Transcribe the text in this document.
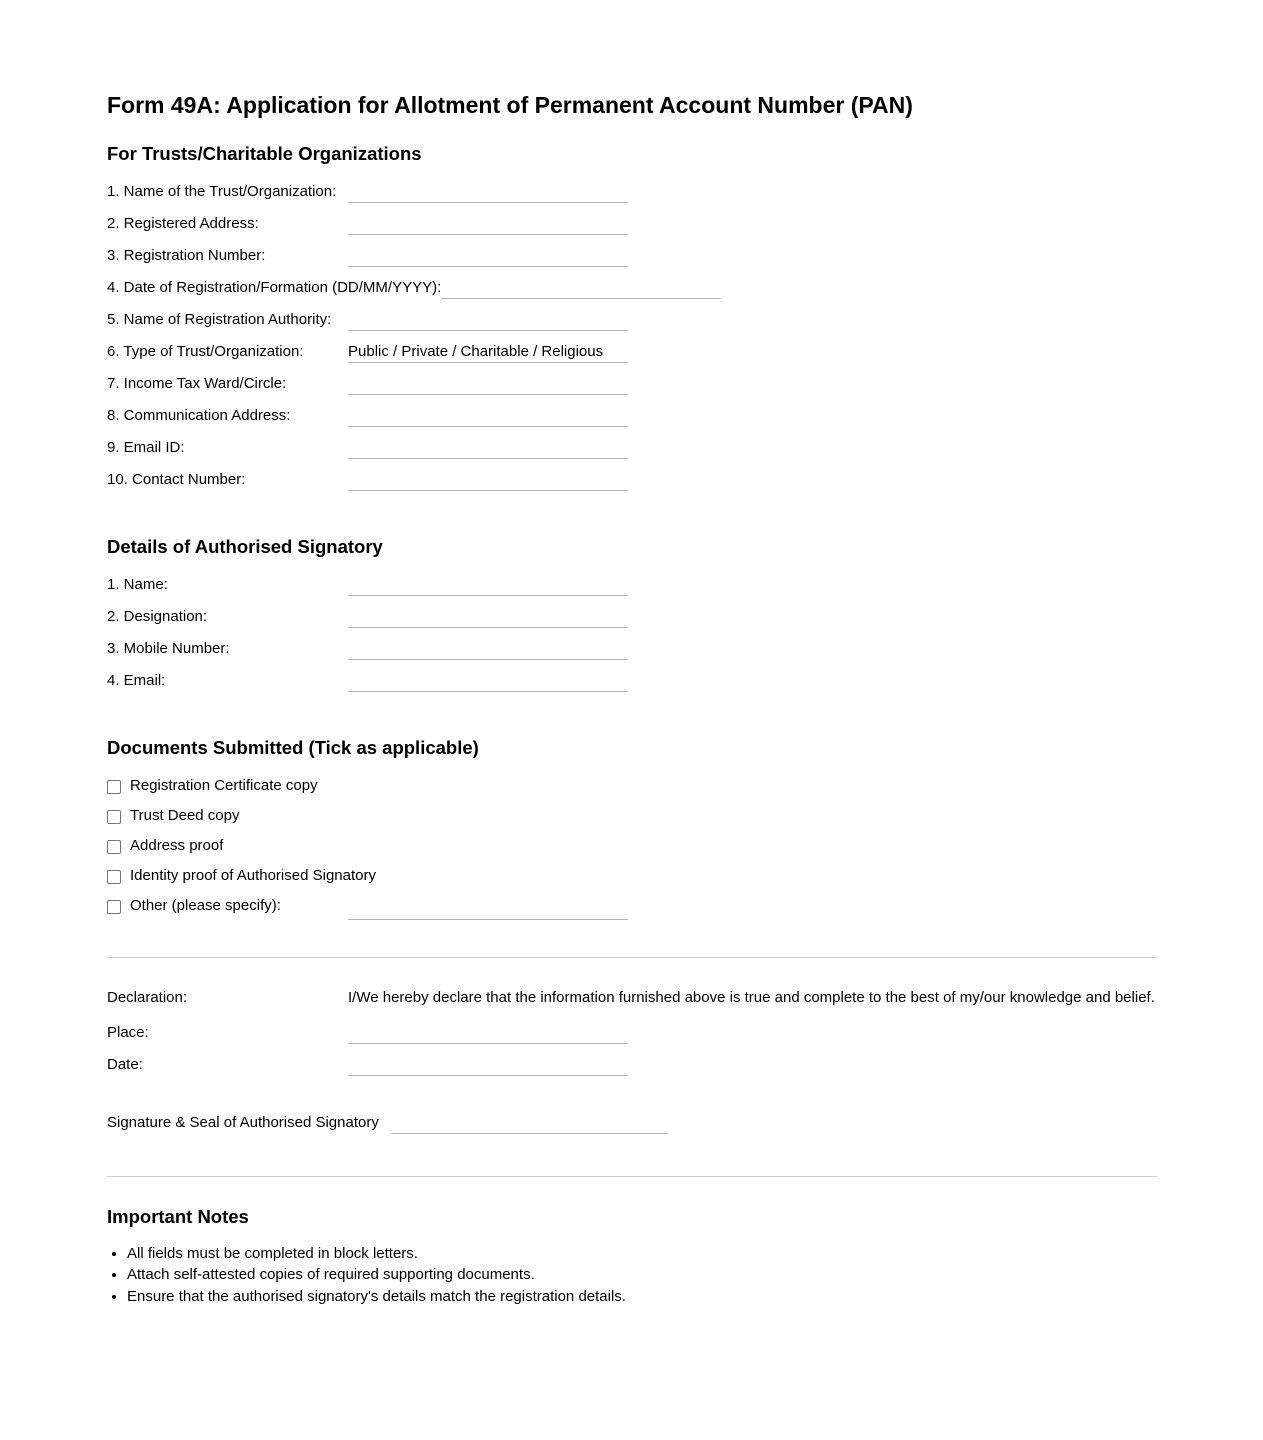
Form 49A: Application for Allotment of Permanent Account Number (PAN)
For Trusts/Charitable Organizations
1. Name of the Trust/Organization:

2. Registered Address:

3. Registration Number:

4. Date of Registration/Formation (DD/MM/YYYY):

5. Name of Registration Authority:

6. Type of Trust/Organization:	Public / Private / Charitable / Religious
7. Income Tax Ward/Circle:

8. Communication Address:

9. Email ID:

10. Contact Number:

Details of Authorised Signatory
1. Name:

2. Designation:

3. Mobile Number:

4. Email:

Documents Submitted (Tick as applicable)
Registration Certificate copy
Trust Deed copy
Address proof
Identity proof of Authorised Signatory
Other (please specify):

Declaration:	I/We hereby declare that the information furnished above is true and complete to the best of my/our knowledge and belief.

Place:

Date:

Signature & Seal of Authorised Signatory

Important Notes
• All fields must be completed in block letters.
• Attach self-attested copies of required supporting documents.
• Ensure that the authorised signatory's details match the registration details.
